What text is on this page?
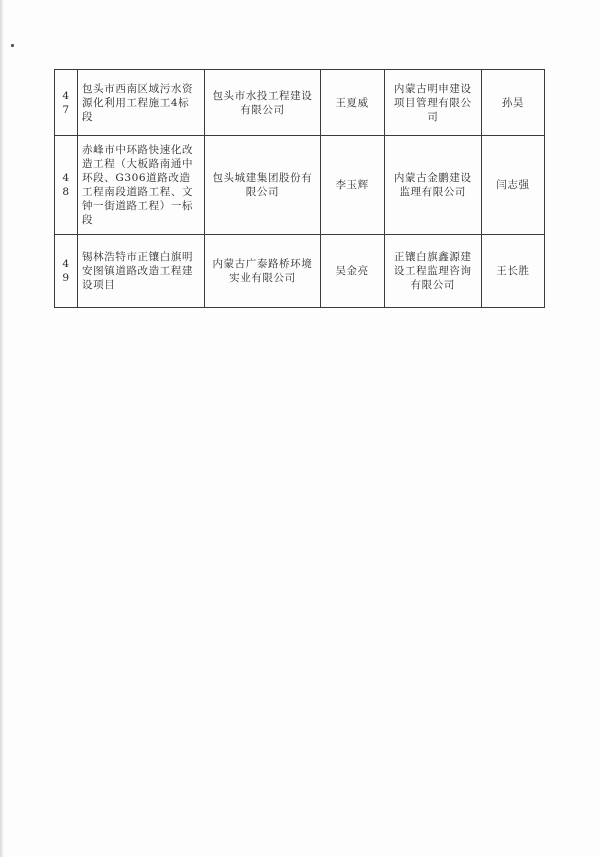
47	包头市西南区域污水资源化利用工程施工4标段	包头市水投工程建设有限公司	王夏威	内蒙古明申建设项目管理有限公司	孙昊
48	赤峰市中环路快速化改造工程（大板路南通中环段、G306道路改造工程南段道路工程、文钟一街道路工程）一标段	包头城建集团股份有限公司	李玉辉	内蒙古金鹏建设监理有限公司	闫志强
49	锡林浩特市正镶白旗明安图镇道路改造工程建设项目	内蒙古广泰路桥环境实业有限公司	吴金亮	正镶白旗鑫源建设工程监理咨询有限公司	王长胜
